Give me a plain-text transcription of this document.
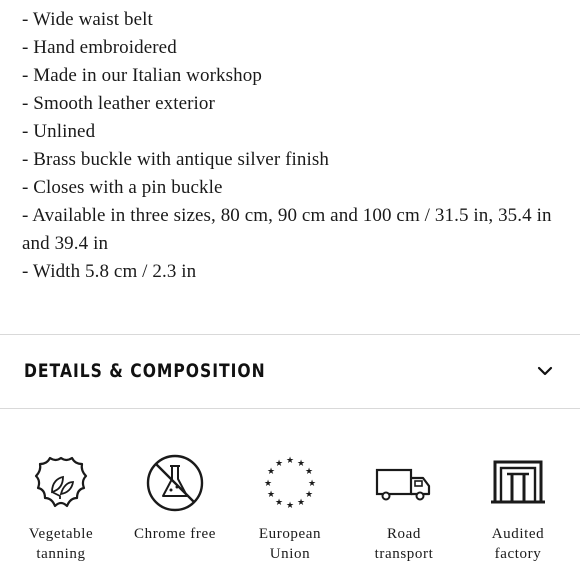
- Wide waist belt
- Hand embroidered
- Made in our Italian workshop
- Smooth leather exterior
- Unlined
- Brass buckle with antique silver finish
- Closes with a pin buckle
- Available in three sizes, 80 cm, 90 cm and 100 cm / 31.5 in, 35.4 in and 39.4 in
- Width 5.8 cm / 2.3 in
DETAILS & COMPOSITION
Vegetable
tanning
Chrome free
★ ★
★
★
★
★
★
★
★
★
★
★
European
Union
Road
transport
Audited
factory
